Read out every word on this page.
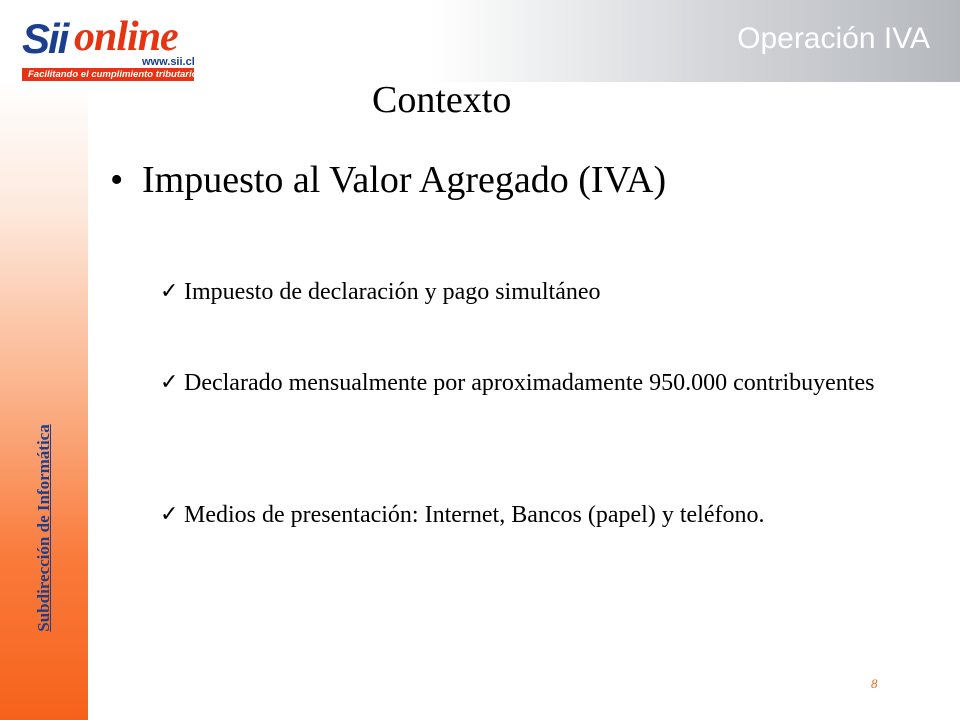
Sii online
www.sii.cl
Facilitando el cumplimiento tributario
Operación IVA
Contexto
• Impuesto al Valor Agregado (IVA)
✓ Impuesto de declaración y pago simultáneo
✓ Declarado mensualmente por aproximadamente 950.000 contribuyentes
✓ Medios de presentación: Internet, Bancos (papel) y teléfono.
Subdirección de Informática
8
